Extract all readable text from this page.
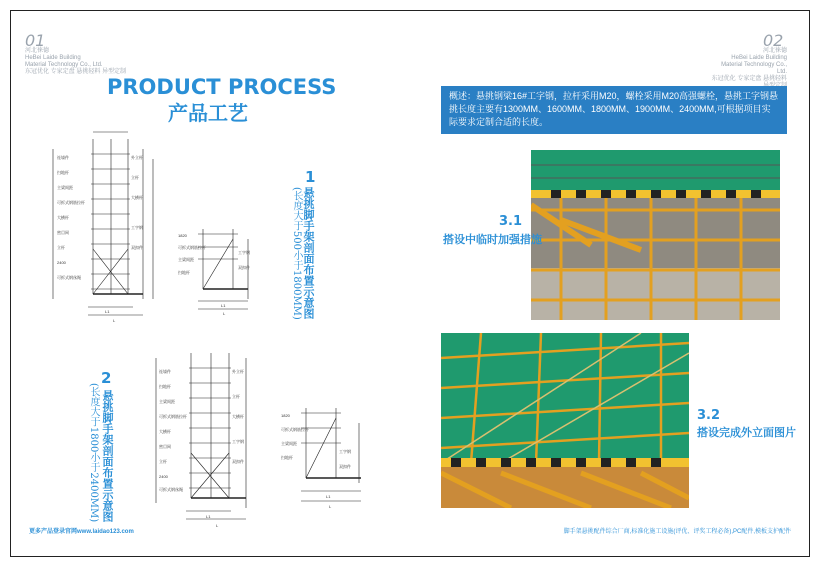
01
河北徕德
HeBei Laide Building
Material Technology Co., Ltd.
东冠优化 专家定盘 悬挑轻料 异型定制
PRODUCT PROCESS
产品工艺
连墙件
扫地杆
主梁间距
可拆式钢筋拉杆
大横杆
密目网
立杆
2400
可拆式钢丝绳
外立杆
立杆
大横杆
工字钢
双扣件
L1
L
1820
可拆式钢筋拉杆
主梁间距
扫地杆
工字钢
双扣件
L1
L
1
悬挑脚手架剖面布置示意图
(长度大于500小于1800MM)
2
悬挑脚手架剖面布置示意图
(长度大于1800小于2400MM)
连墙件
扫地杆
主梁间距
可拆式钢筋拉杆
大横杆
密目网
立杆
2400
可拆式钢丝绳
外立杆
立杆
大横杆
工字钢
双扣件
L1
L
1820
可拆式钢筋拉杆
主梁间距
扫地杆
工字钢
双扣件
L1
L
更多产品登录官网www.laidao123.com
02
河北徕德
HeBei Laide Building
Material Technology Co., Ltd.
东冠优化 专家定盘 悬挑轻料
概述：悬挑钢梁16#工字钢，拉杆采用M20，螺栓采用M20高强螺栓，悬挑工字钢悬挑长度主要有1300MM、1600MM、1800MM、1900MM、2400MM,可根据项目实际要求定制合适的长度。
3.1
搭设中临时加强措施
3.2
搭设完成外立面图片
脚手架悬挑配件综合厂商,标准化施工设施(评优、评奖工程必备),PC配件,模板支护配件
